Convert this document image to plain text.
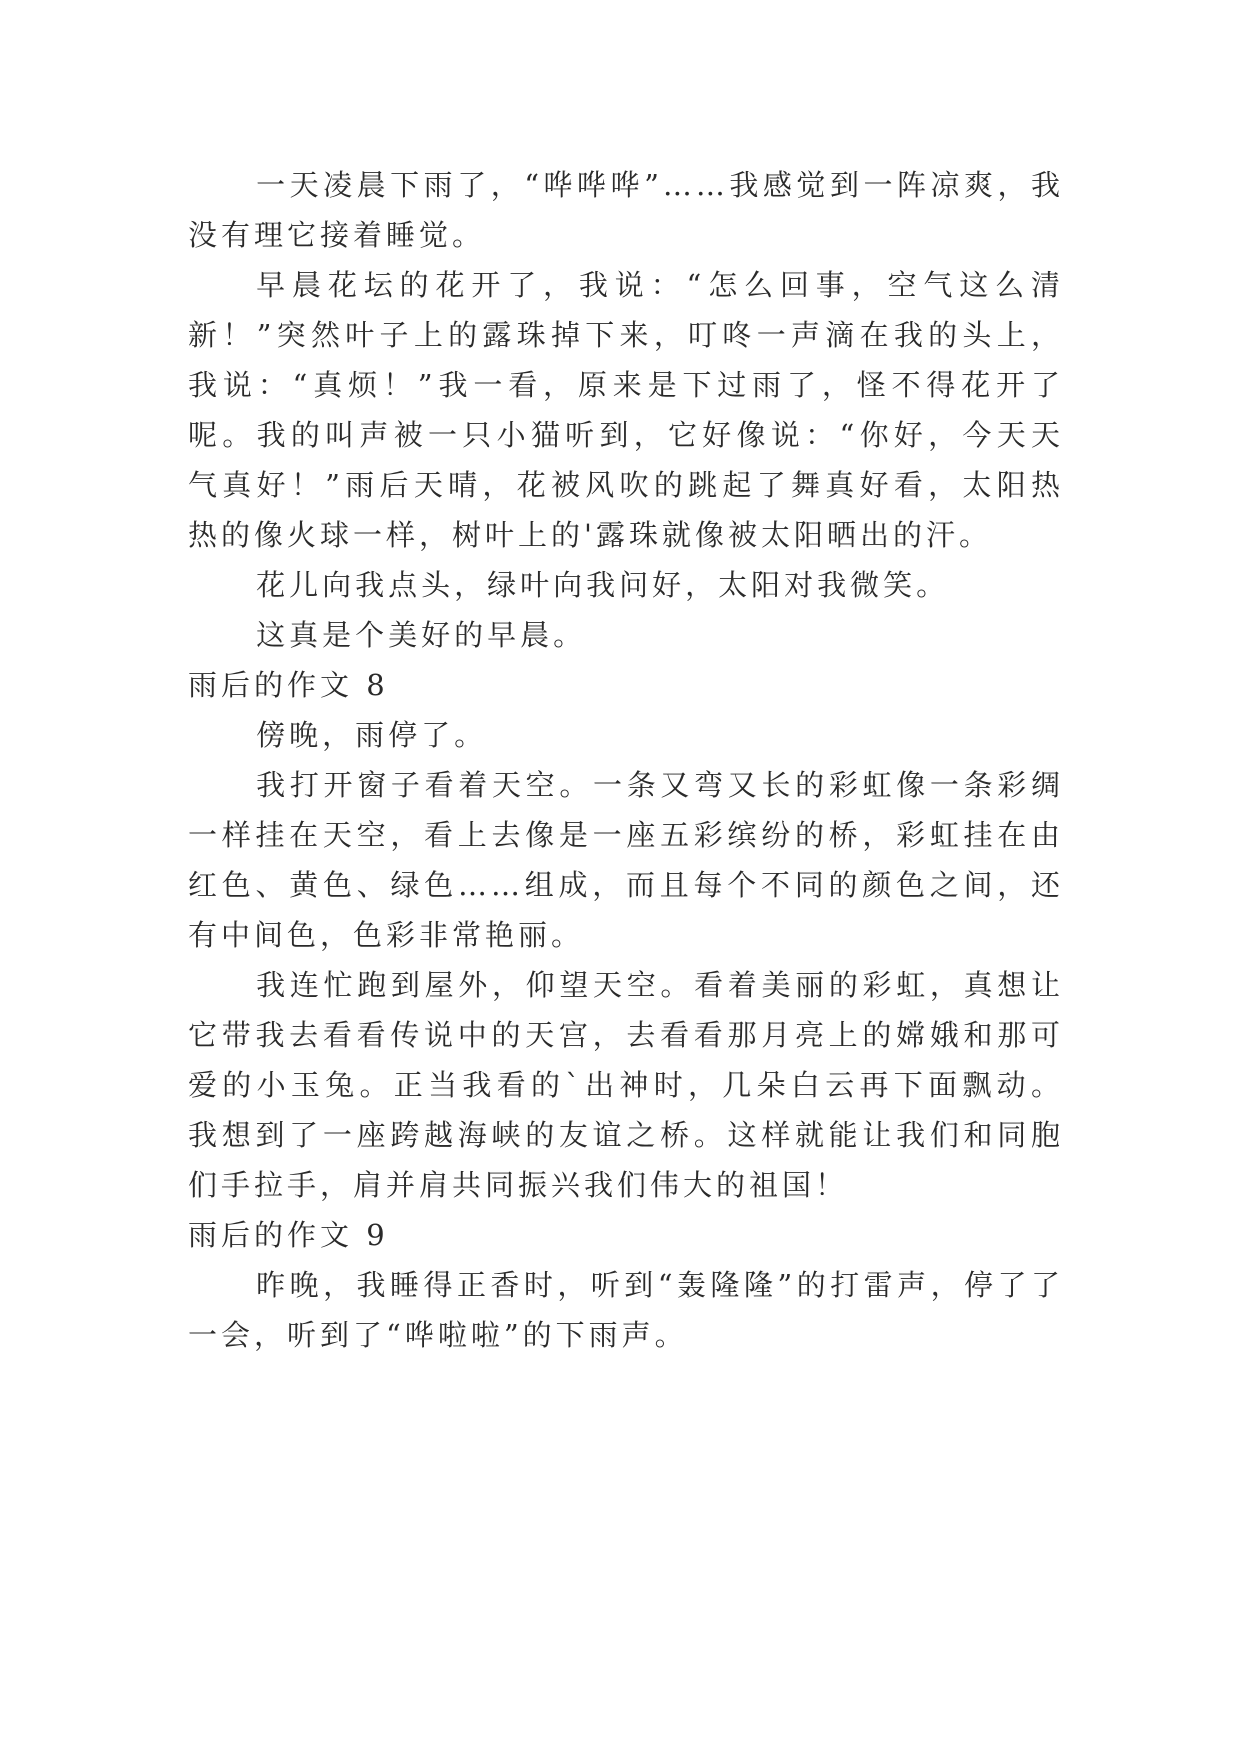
一天凌晨下雨了，“哗哗哗”……我感觉到一阵凉爽，我没有理它接着睡觉。

早晨花坛的花开了，我说：“怎么回事，空气这么清新！”突然叶子上的露珠掉下来，叮咚一声滴在我的头上，我说：“真烦！”我一看，原来是下过雨了，怪不得花开了呢。我的叫声被一只小猫听到，它好像说：“你好，今天天气真好！”雨后天晴，花被风吹的跳起了舞真好看，太阳热热的像火球一样，树叶上的'露珠就像被太阳晒出的汗。

花儿向我点头，绿叶向我问好，太阳对我微笑。

这真是个美好的早晨。

雨后的作文 8

傍晚，雨停了。

我打开窗子看着天空。一条又弯又长的彩虹像一条彩绸一样挂在天空，看上去像是一座五彩缤纷的桥，彩虹挂在由红色、黄色、绿色……组成，而且每个不同的颜色之间，还有中间色，色彩非常艳丽。

我连忙跑到屋外，仰望天空。看着美丽的彩虹，真想让它带我去看看传说中的天宫，去看看那月亮上的嫦娥和那可爱的小玉兔。正当我看的`出神时，几朵白云再下面飘动。我想到了一座跨越海峡的友谊之桥。这样就能让我们和同胞们手拉手，肩并肩共同振兴我们伟大的祖国！

雨后的作文 9

昨晚，我睡得正香时，听到“轰隆隆”的打雷声，停了了一会，听到了“哗啦啦”的下雨声。
